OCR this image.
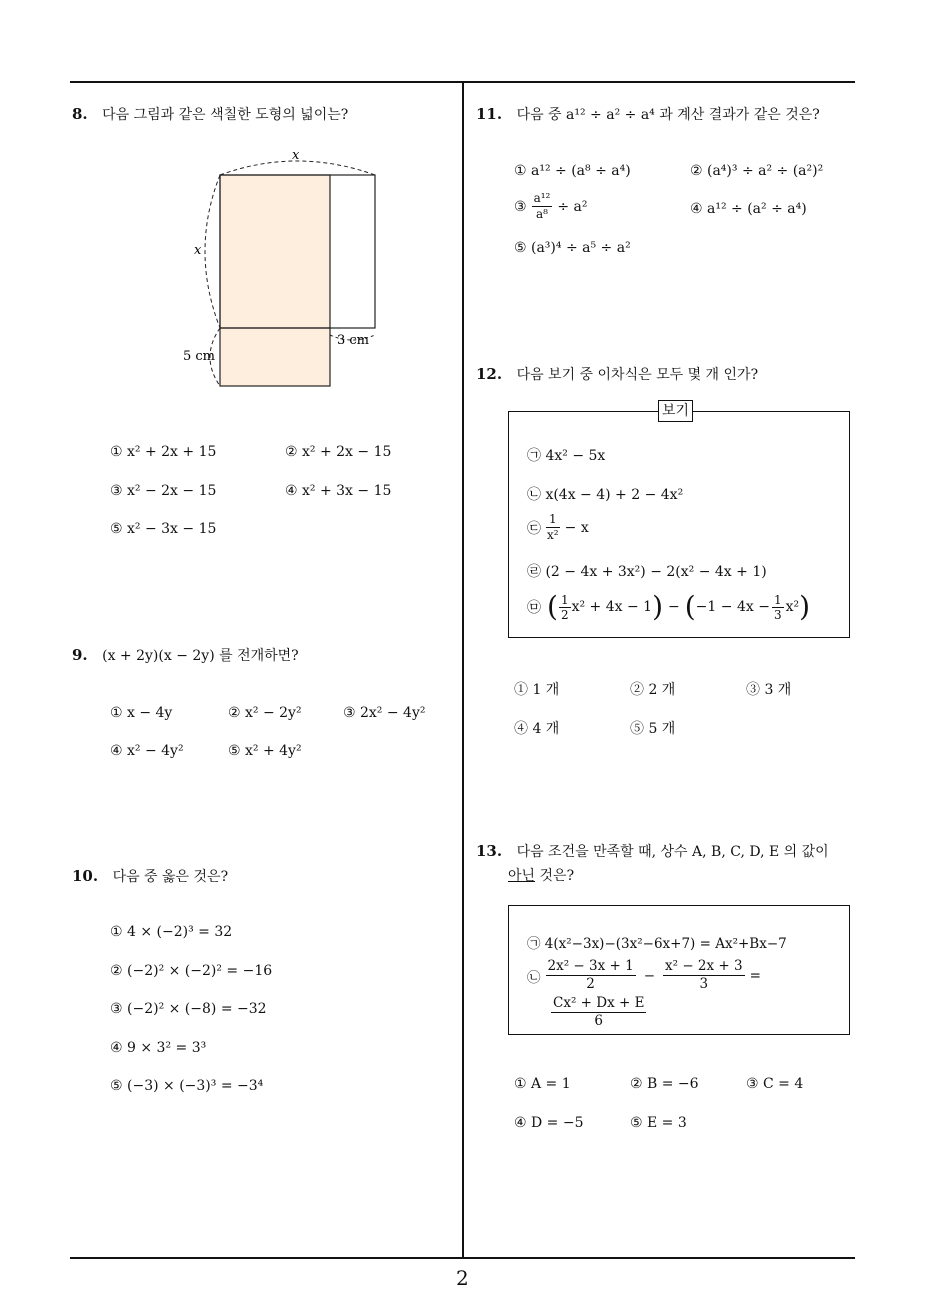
2
8. 다음 그림과 같은 색칠한 도형의 넓이는?
x
x
5 cm
3 cm
① x² + 2x + 15	② x² + 2x − 15
③ x² − 2x − 15	④ x² + 3x − 15
⑤ x² − 3x − 15
9. (x + 2y)(x − 2y) 를 전개하면?
① x − 4y	② x² − 2y²	③ 2x² − 4y²
④ x² − 4y²	⑤ x² + 4y²
10. 다음 중 옳은 것은?
① 4 × (−2)³ = 32
② (−2)² × (−2)² = −16
③ (−2)² × (−8) = −32
④ 9 × 3² = 3³
⑤ (−3) × (−3)³ = −3⁴
11. 다음 중 a¹² ÷ a² ÷ a⁴ 과 계산 결과가 같은 것은?
① a¹² ÷ (a⁸ ÷ a⁴)	② (a⁴)³ ÷ a² ÷ (a²)²
③ $\frac{\text{a¹²}}{\text{a⁸}} \div a^2$	④ a¹² ÷ (a² ÷ a⁴)
⑤ (a³)⁴ ÷ a⁵ ÷ a²
12. 다음 보기 중 이차식은 모두 몇 개 인가?
보기
㉠ 4x² − 5x
㉡ x(4x − 4) + 2 − 4x²
㉢ $\frac{1}{\text{x²}} - x$
㉣ (2 − 4x + 3x²) − 2(x² − 4x + 1)
㉤ ( $\frac{1}{2} x^2 + 4x - 1$ ) − ( $-1 - 4x - \frac{1}{3} x^2$ )
① 1 개	② 2 개	③ 3 개
④ 4 개	⑤ 5 개
13. 다음 조건을 만족할 때, 상수 A, B, C, D, E 의 값이
아닌 것은?
㉠ 4(x²−3x)−(3x²−6x+7) = Ax²+Bx−7
㉡ $\frac{\text{2x² − 3x + 1}}{2} - \frac{\text{x² − 2x + 3}}{3}$ =
$\frac{\text{Cx² + Dx + E}}{6}$
① A = 1	② B = −6	③ C = 4
④ D = −5	⑤ E = 3
